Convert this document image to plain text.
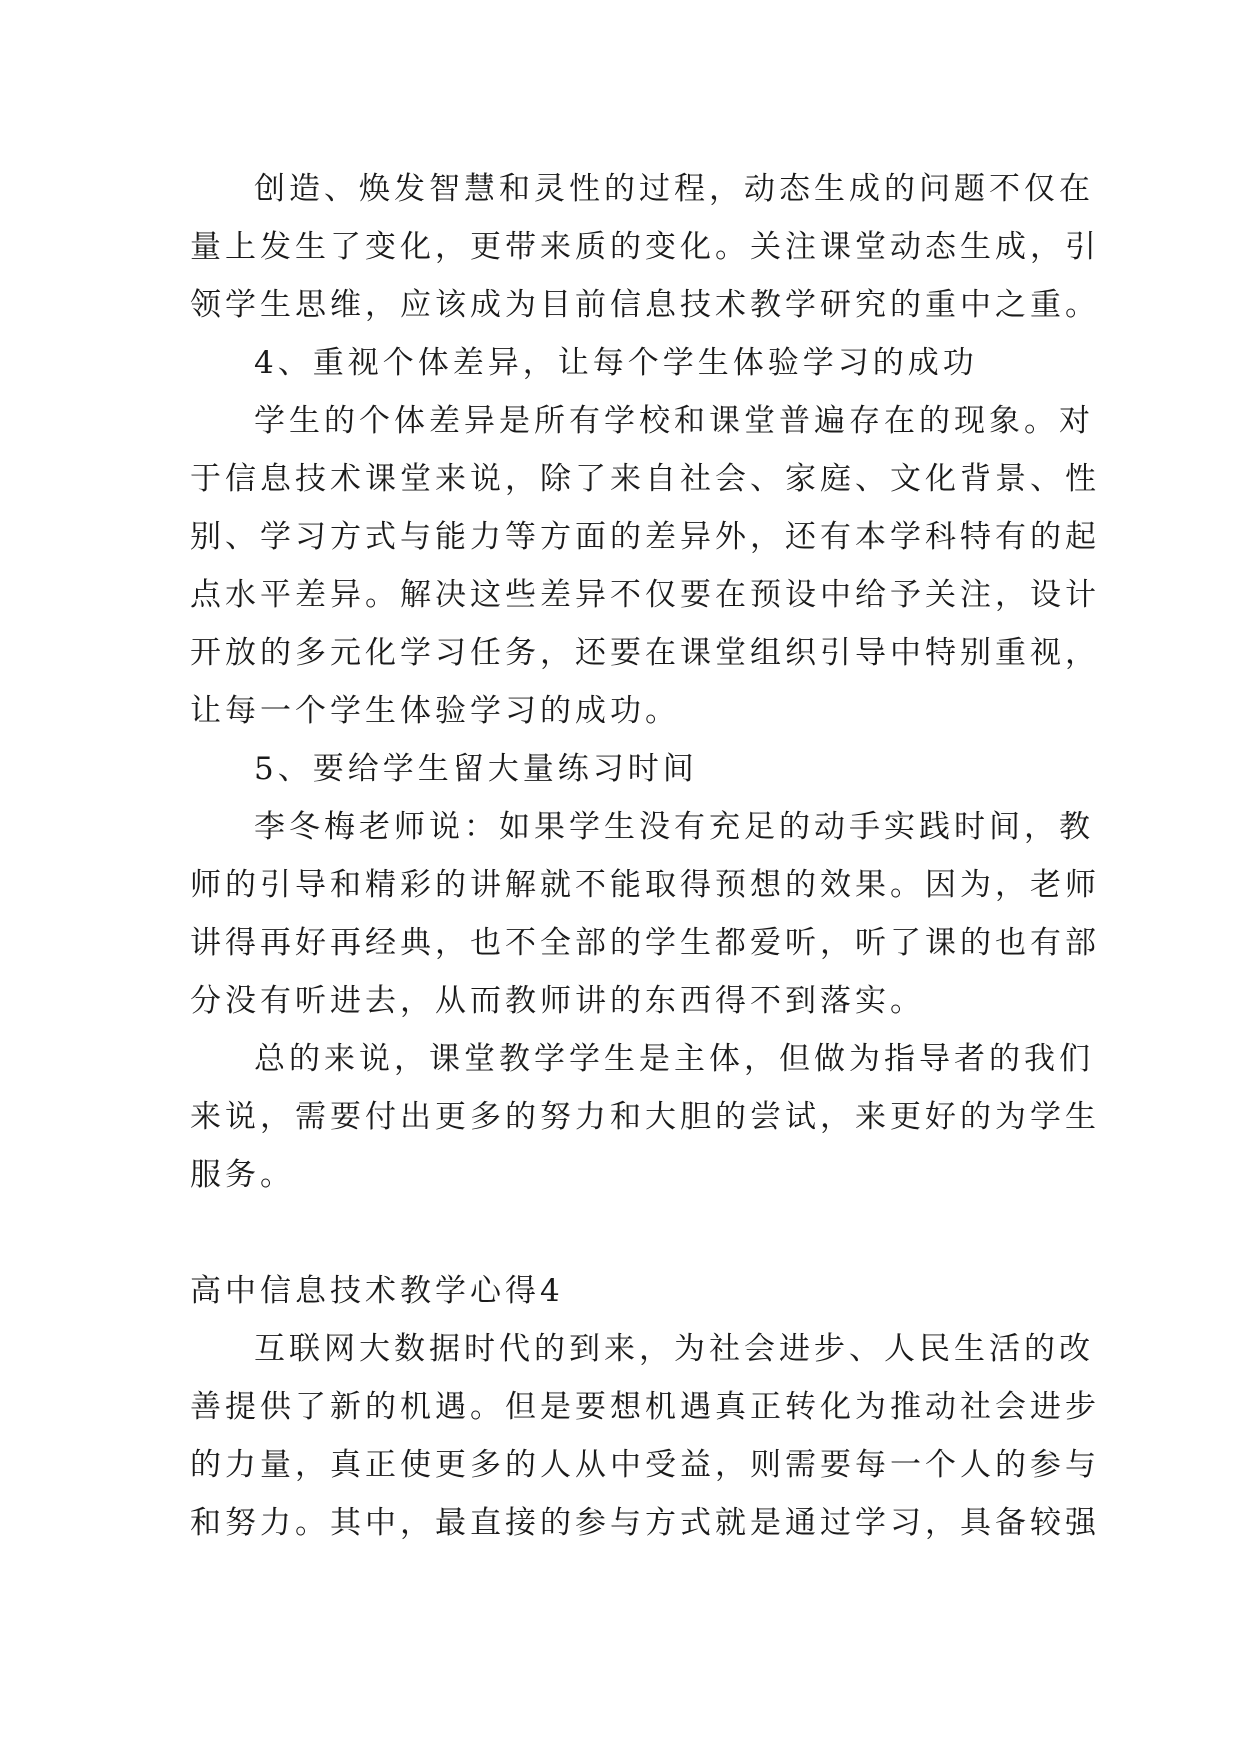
创造、焕发智慧和灵性的过程，动态生成的问题不仅在
量上发生了变化，更带来质的变化。关注课堂动态生成，引
领学生思维，应该成为目前信息技术教学研究的重中之重。
4、重视个体差异，让每个学生体验学习的成功
学生的个体差异是所有学校和课堂普遍存在的现象。对
于信息技术课堂来说，除了来自社会、家庭、文化背景、性
别、学习方式与能力等方面的差异外，还有本学科特有的起
点水平差异。解决这些差异不仅要在预设中给予关注，设计
开放的多元化学习任务，还要在课堂组织引导中特别重视，
让每一个学生体验学习的成功。
5、要给学生留大量练习时间
李冬梅老师说：如果学生没有充足的动手实践时间，教
师的引导和精彩的讲解就不能取得预想的效果。因为，老师
讲得再好再经典，也不全部的学生都爱听，听了课的也有部
分没有听进去，从而教师讲的东西得不到落实。
总的来说，课堂教学学生是主体，但做为指导者的我们
来说，需要付出更多的努力和大胆的尝试，来更好的为学生
服务。
高中信息技术教学心得4
互联网大数据时代的到来，为社会进步、人民生活的改
善提供了新的机遇。但是要想机遇真正转化为推动社会进步
的力量，真正使更多的人从中受益，则需要每一个人的参与
和努力。其中，最直接的参与方式就是通过学习，具备较强
